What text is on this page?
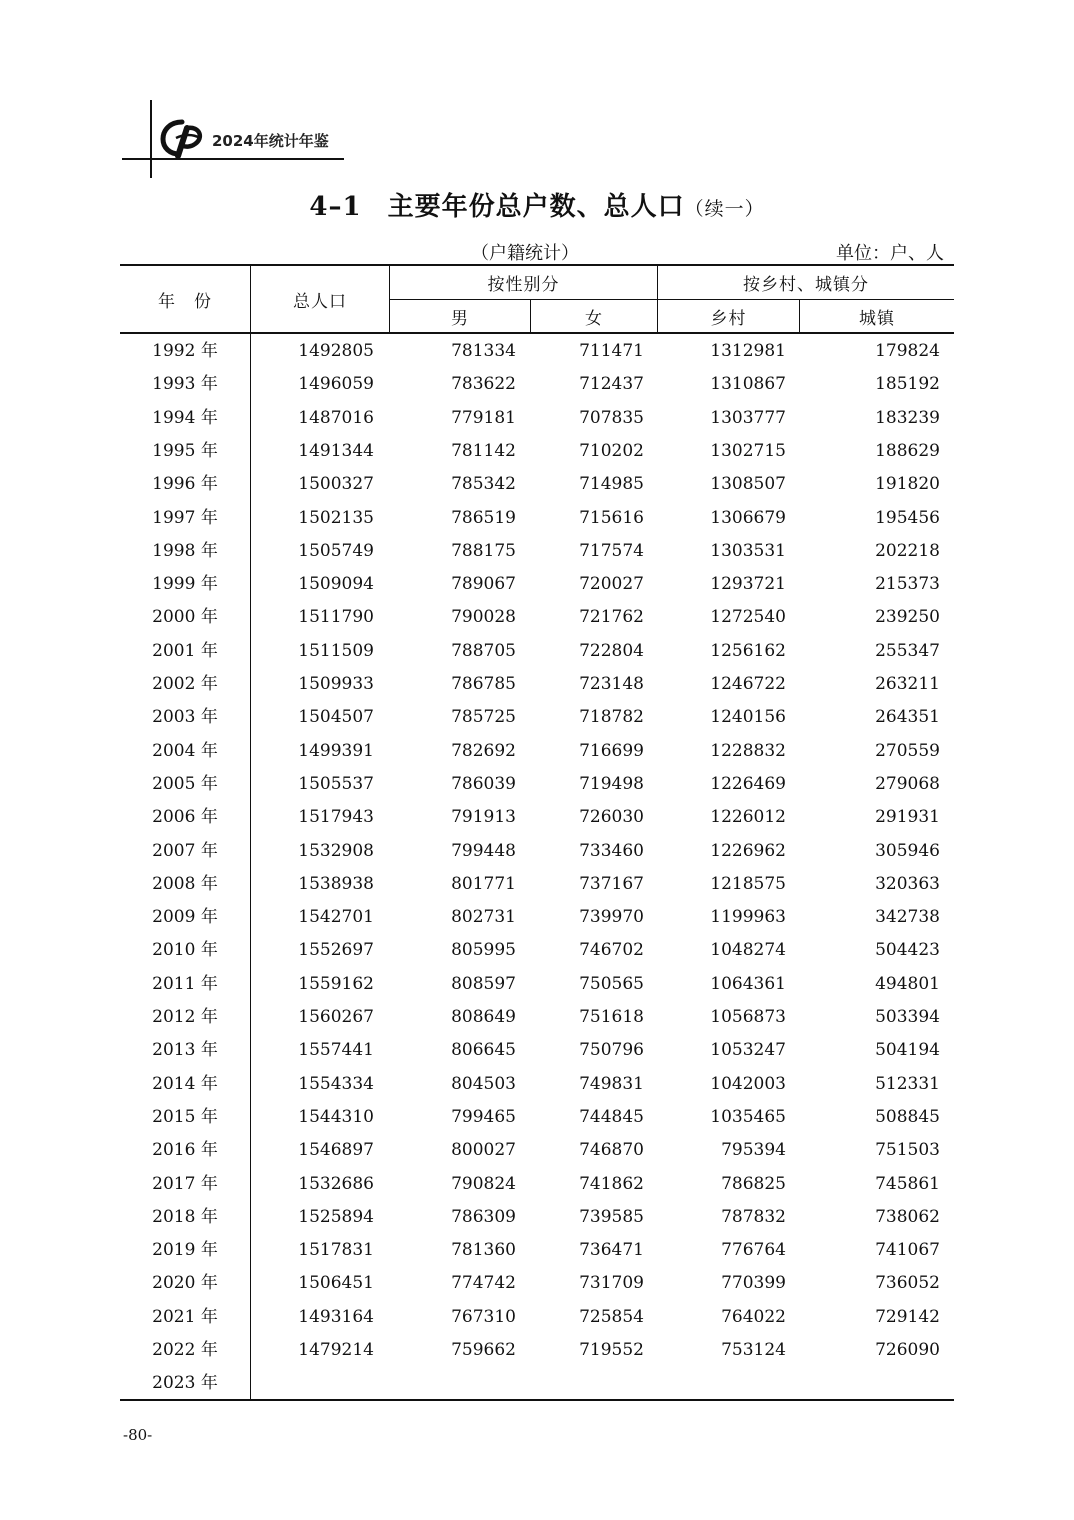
2024年统计年鉴
4–1 主要年份总户数、总人口（续一）
（户籍统计）	单位：户、人
年　份	总人口
按性别分	按乡村、城镇分
男	女	乡村	城镇
1992 年	1492805	781334	711471	1312981	179824
1993 年	1496059	783622	712437	1310867	185192
1994 年	1487016	779181	707835	1303777	183239
1995 年	1491344	781142	710202	1302715	188629
1996 年	1500327	785342	714985	1308507	191820
1997 年	1502135	786519	715616	1306679	195456
1998 年	1505749	788175	717574	1303531	202218
1999 年	1509094	789067	720027	1293721	215373
2000 年	1511790	790028	721762	1272540	239250
2001 年	1511509	788705	722804	1256162	255347
2002 年	1509933	786785	723148	1246722	263211
2003 年	1504507	785725	718782	1240156	264351
2004 年	1499391	782692	716699	1228832	270559
2005 年	1505537	786039	719498	1226469	279068
2006 年	1517943	791913	726030	1226012	291931
2007 年	1532908	799448	733460	1226962	305946
2008 年	1538938	801771	737167	1218575	320363
2009 年	1542701	802731	739970	1199963	342738
2010 年	1552697	805995	746702	1048274	504423
2011 年	1559162	808597	750565	1064361	494801
2012 年	1560267	808649	751618	1056873	503394
2013 年	1557441	806645	750796	1053247	504194
2014 年	1554334	804503	749831	1042003	512331
2015 年	1544310	799465	744845	1035465	508845
2016 年	1546897	800027	746870	795394	751503
2017 年	1532686	790824	741862	786825	745861
2018 年	1525894	786309	739585	787832	738062
2019 年	1517831	781360	736471	776764	741067
2020 年	1506451	774742	731709	770399	736052
2021 年	1493164	767310	725854	764022	729142
2022 年	1479214	759662	719552	753124	726090
2023 年
-80-
